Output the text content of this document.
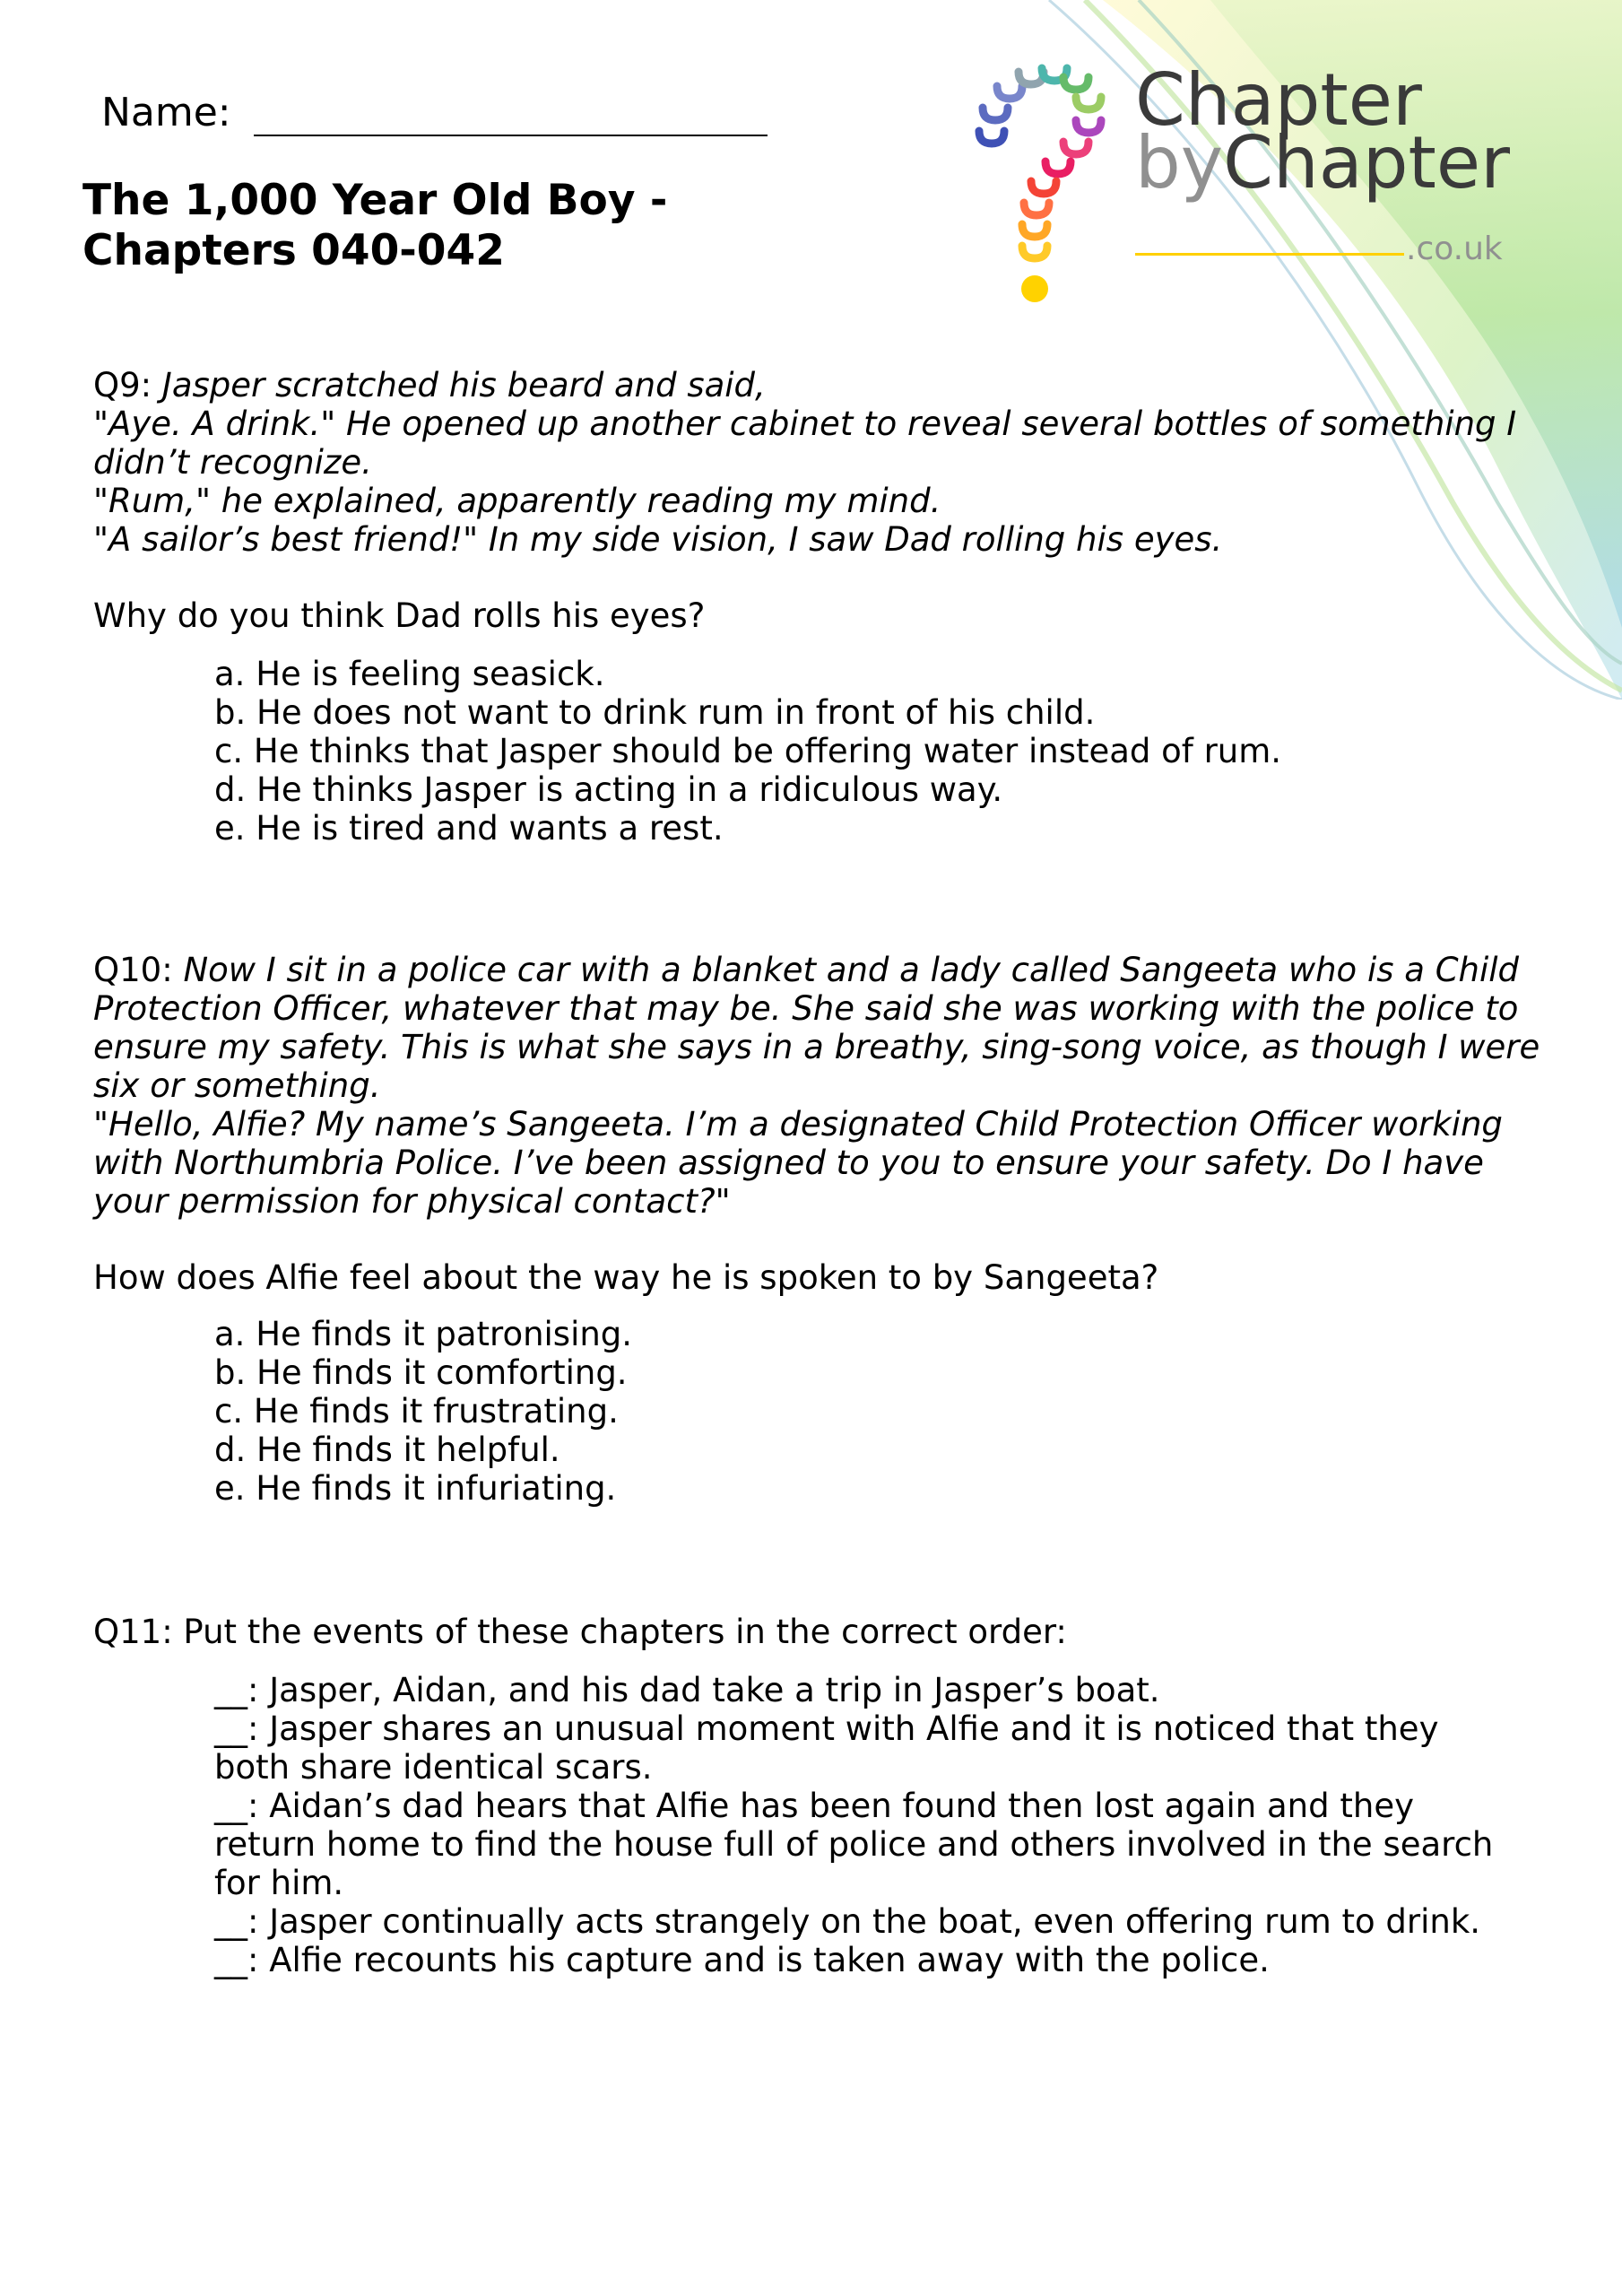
Name:
The 1,000 Year Old Boy -
Chapters 040-042
Chapter
byChapter
.co.uk

Q9: Jasper scratched his beard and said,

"Aye. A drink." He opened up another cabinet to reveal several bottles of something I

didn’t recognize.

"Rum," he explained, apparently reading my mind.

"A sailor’s best friend!" In my side vision, I saw Dad rolling his eyes.

Why do you think Dad rolls his eyes?
a. He is feeling seasick.
b. He does not want to drink rum in front of his child.
c. He thinks that Jasper should be offering water instead of rum.
d. He thinks Jasper is acting in a ridiculous way.
e. He is tired and wants a rest.

Q10: Now I sit in a police car with a blanket and a lady called Sangeeta who is a Child

Protection Officer, whatever that may be. She said she was working with the police to

ensure my safety. This is what she says in a breathy, sing-song voice, as though I were

six or something.

"Hello, Alfie? My name’s Sangeeta. I’m a designated Child Protection Officer working

with Northumbria Police. I’ve been assigned to you to ensure your safety. Do I have

your permission for physical contact?"

How does Alfie feel about the way he is spoken to by Sangeeta?
a. He finds it patronising.
b. He finds it comforting.
c. He finds it frustrating.
d. He finds it helpful.
e. He finds it infuriating.
Q11: Put the events of these chapters in the correct order:
__: Jasper, Aidan, and his dad take a trip in Jasper’s boat.
__: Jasper shares an unusual moment with Alfie and it is noticed that they both share identical scars.
__: Aidan’s dad hears that Alfie has been found then lost again and they return home to find the house full of police and others involved in the search for him.
__: Jasper continually acts strangely on the boat, even offering rum to drink.
__: Alfie recounts his capture and is taken away with the police.
